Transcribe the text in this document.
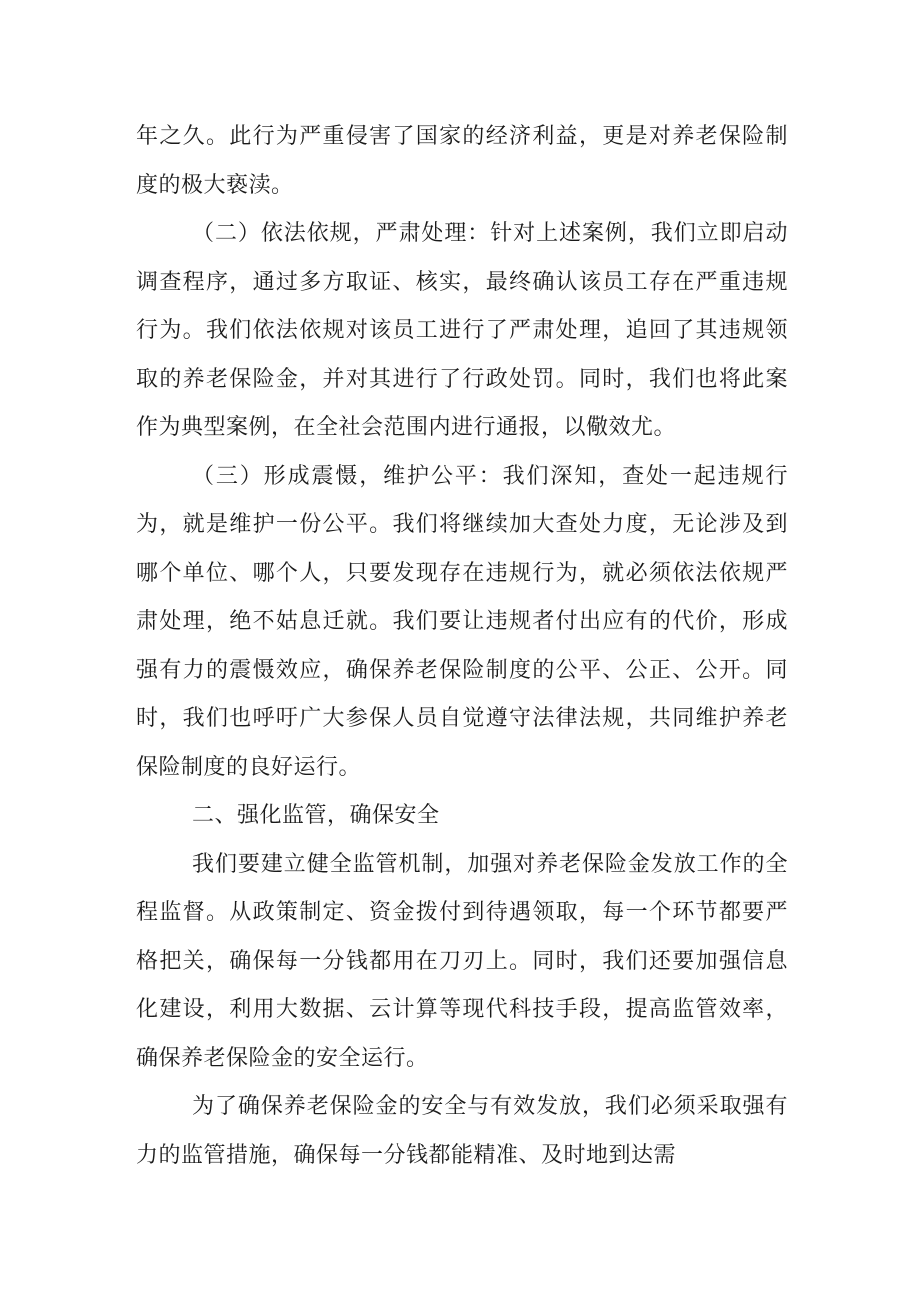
年之久。此行为严重侵害了国家的经济利益，更是对养老保险制度的极大亵渎。

（二）依法依规，严肃处理：针对上述案例，我们立即启动调查程序，通过多方取证、核实，最终确认该员工存在严重违规行为。我们依法依规对该员工进行了严肃处理，追回了其违规领取的养老保险金，并对其进行了行政处罚。同时，我们也将此案作为典型案例，在全社会范围内进行通报，以儆效尤。

（三）形成震慑，维护公平：我们深知，查处一起违规行为，就是维护一份公平。我们将继续加大查处力度，无论涉及到哪个单位、哪个人，只要发现存在违规行为，就必须依法依规严肃处理，绝不姑息迁就。我们要让违规者付出应有的代价，形成强有力的震慑效应，确保养老保险制度的公平、公正、公开。同时，我们也呼吁广大参保人员自觉遵守法律法规，共同维护养老保险制度的良好运行。

二、强化监管，确保安全

我们要建立健全监管机制，加强对养老保险金发放工作的全程监督。从政策制定、资金拨付到待遇领取，每一个环节都要严格把关，确保每一分钱都用在刀刃上。同时，我们还要加强信息化建设，利用大数据、云计算等现代科技手段，提高监管效率，确保养老保险金的安全运行。

为了确保养老保险金的安全与有效发放，我们必须采取强有力的监管措施，确保每一分钱都能精准、及时地到达需
